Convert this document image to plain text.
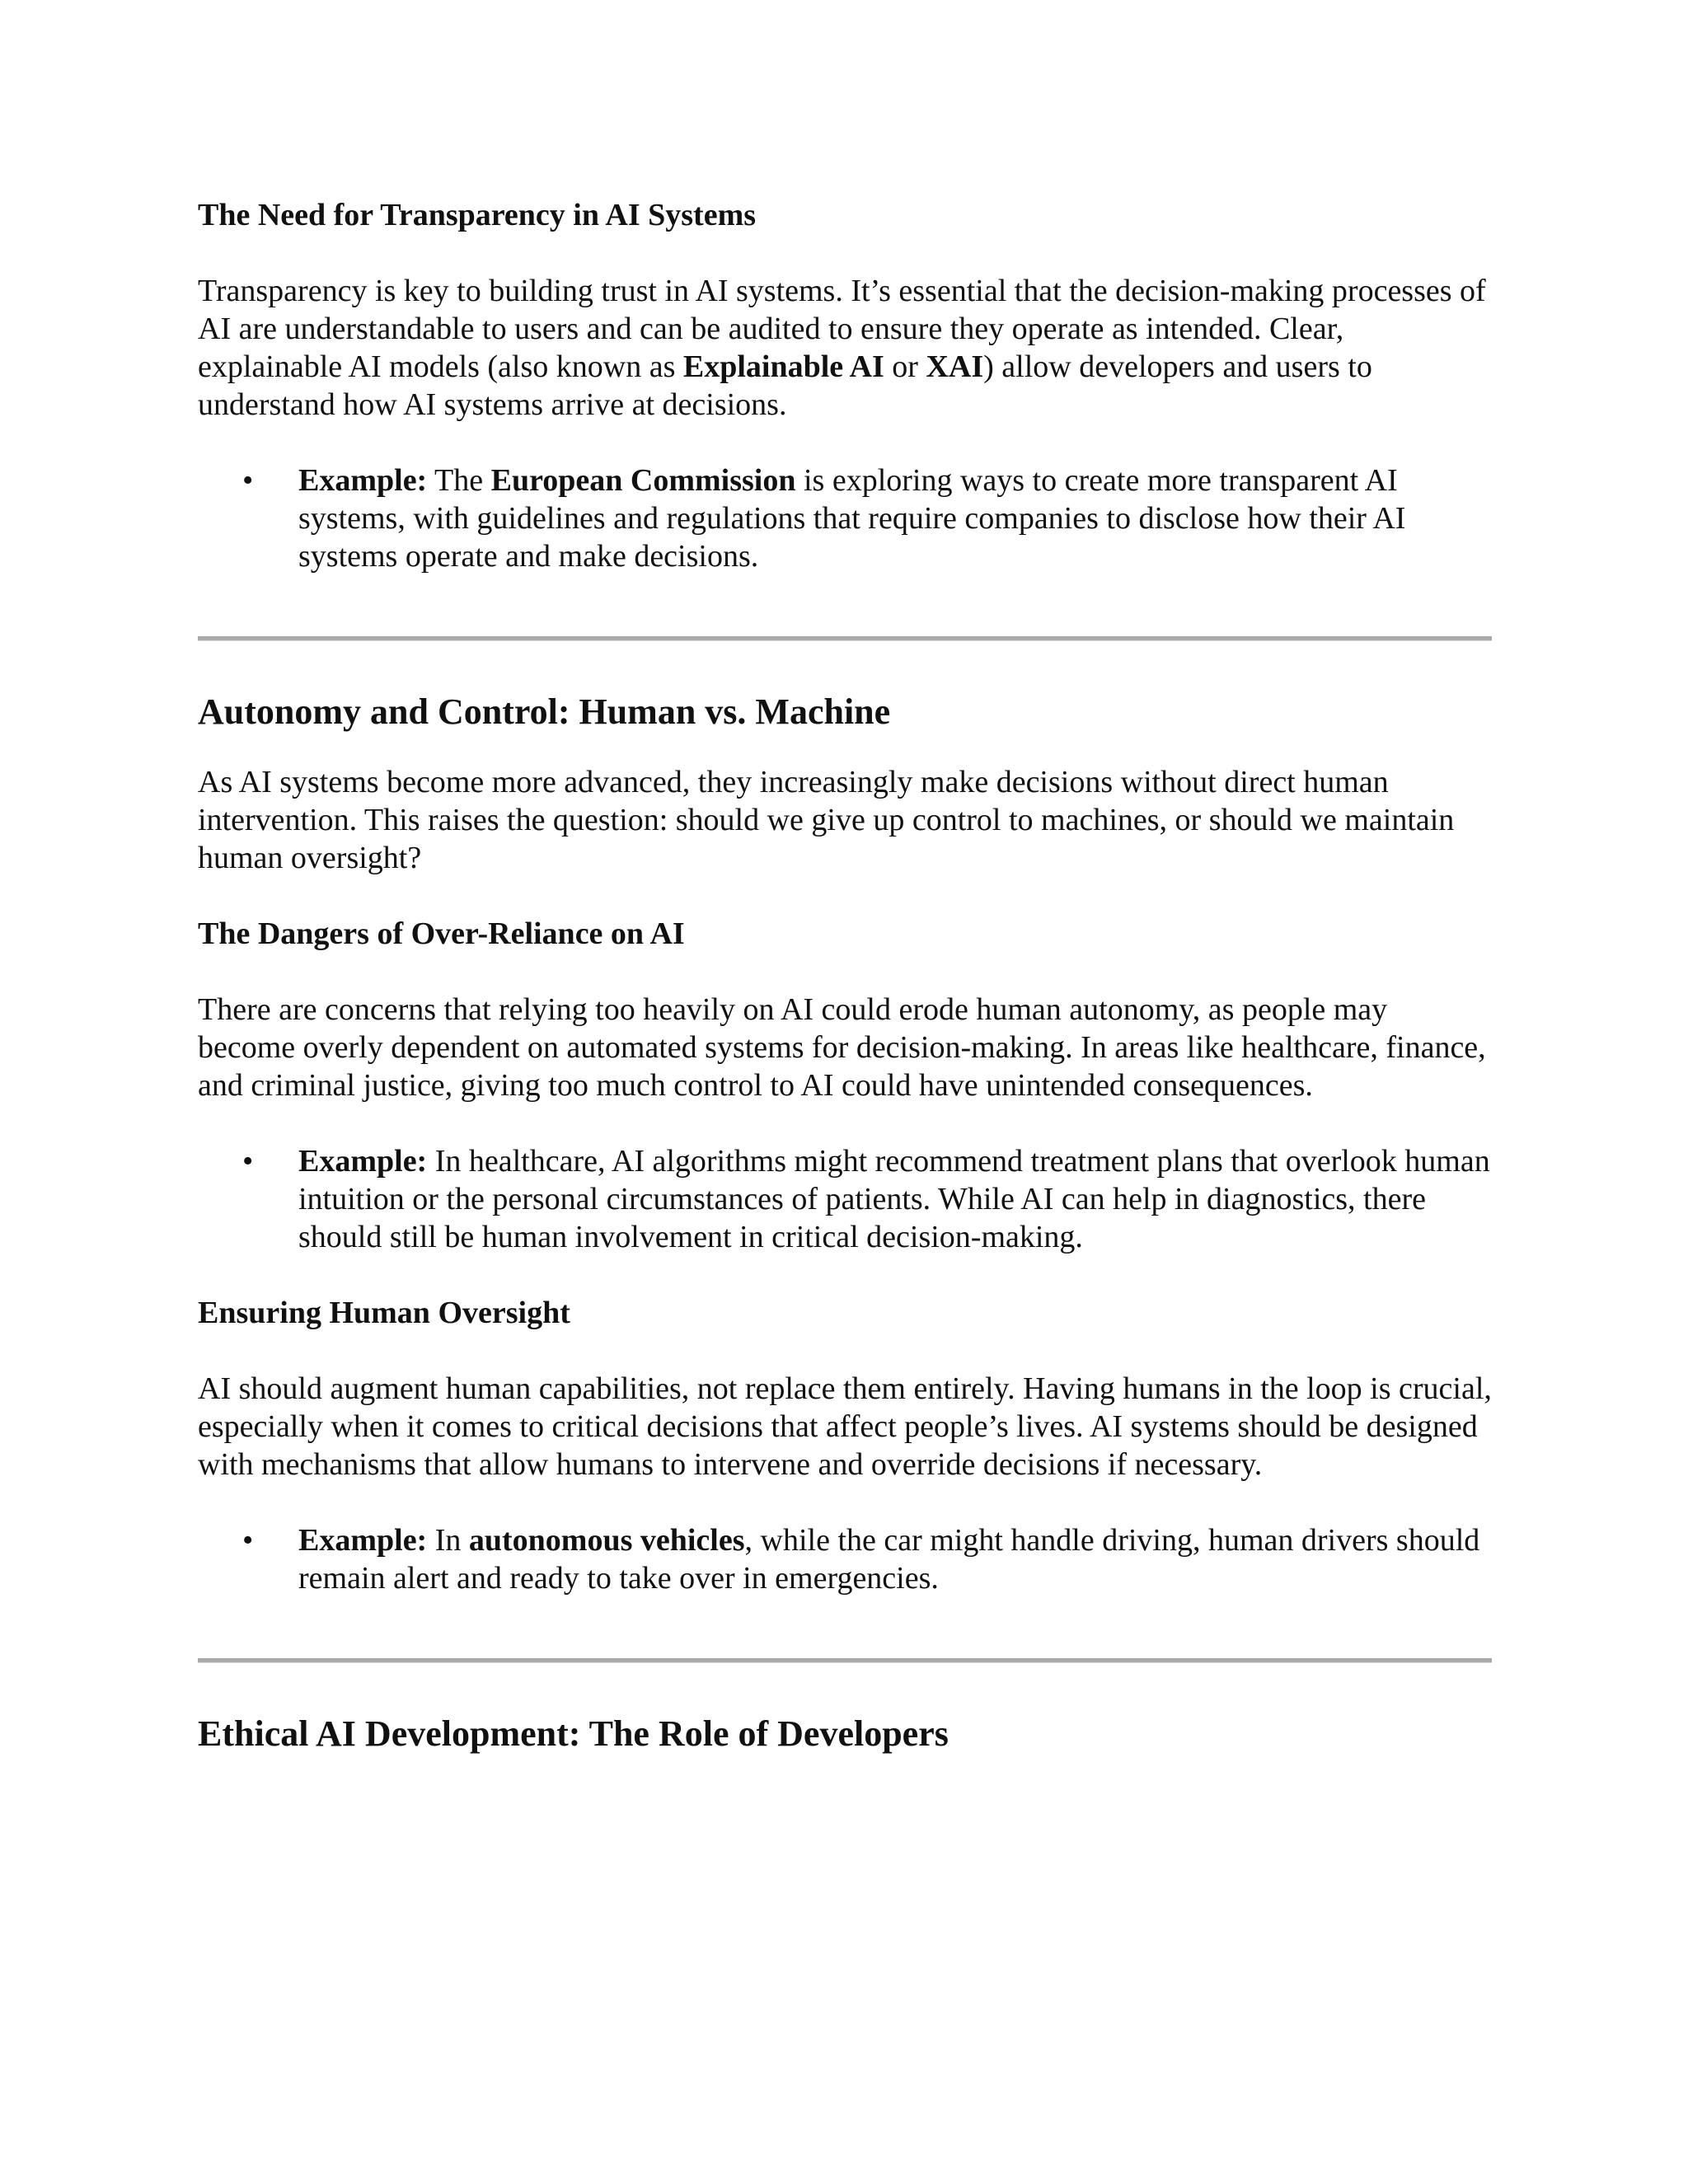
The Need for Transparency in AI Systems

Transparency is key to building trust in AI systems. It’s essential that the decision-making processes of AI are understandable to users and can be audited to ensure they operate as intended. Clear, explainable AI models (also known as Explainable AI or XAI) allow developers and users to understand how AI systems arrive at decisions.

• Example: The European Commission is exploring ways to create more transparent AI systems, with guidelines and regulations that require companies to disclose how their AI systems operate and make decisions.
Autonomy and Control: Human vs. Machine

As AI systems become more advanced, they increasingly make decisions without direct human intervention. This raises the question: should we give up control to machines, or should we maintain human oversight?

The Dangers of Over-Reliance on AI

There are concerns that relying too heavily on AI could erode human autonomy, as people may become overly dependent on automated systems for decision-making. In areas like healthcare, finance, and criminal justice, giving too much control to AI could have unintended consequences.

• Example: In healthcare, AI algorithms might recommend treatment plans that overlook human intuition or the personal circumstances of patients. While AI can help in diagnostics, there should still be human involvement in critical decision-making.
Ensuring Human Oversight

AI should augment human capabilities, not replace them entirely. Having humans in the loop is crucial, especially when it comes to critical decisions that affect people’s lives. AI systems should be designed with mechanisms that allow humans to intervene and override decisions if necessary.

• Example: In autonomous vehicles, while the car might handle driving, human drivers should remain alert and ready to take over in emergencies.
Ethical AI Development: The Role of Developers
